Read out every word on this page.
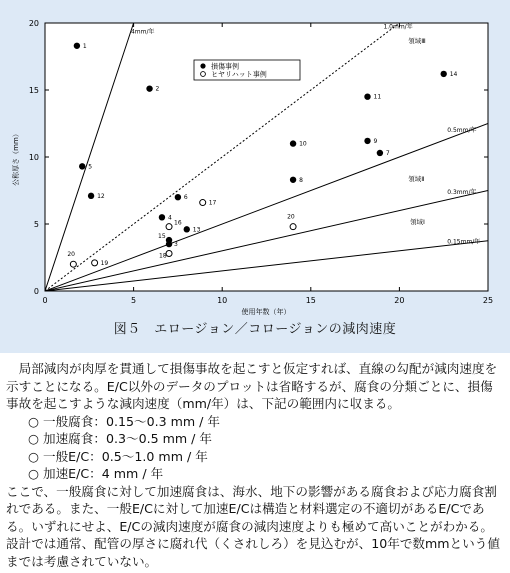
0	5	10	15	20	25
0
5
10
15
20
4mm/年
1.0mm/年
0.5mm/年
0.3mm/年
0.15mm/年
領域Ⅲ
領域Ⅱ
領域Ⅰ
1
2
3
4
5
6
7
8
9
10
11
12
13
14
15
16
17
18
19
20
20
損傷事例
ヒヤリハット事例
使用年数（年）
公称厚さ（mm）
図５　エロージョン／コロージョンの減肉速度

局部減肉が肉厚を貫通して損傷事故を起こすと仮定すれば、直線の勾配が減肉速度を示すことになる。E/C以外のデータのプロットは省略するが、腐食の分類ごとに、損傷事故を起こすような減肉速度（mm/年）は、下記の範囲内に収まる。

○ 一般腐食：0.15～0.3 mm / 年
○ 加速腐食：0.3～0.5 mm / 年
○ 一般E/C：0.5～1.0 mm / 年
○ 加速E/C：4 mm / 年

ここで、一般腐食に対して加速腐食は、海水、地下の影響がある腐食および応力腐食割れである。また、一般E/Cに対して加速E/Cは構造と材料選定の不適切があるE/Cである。いずれにせよ、E/Cの減肉速度が腐食の減肉速度よりも極めて高いことがわかる。設計では通常、配管の厚さに腐れ代（くされしろ）を見込むが、10年で数mmという値までは考慮されていない。
